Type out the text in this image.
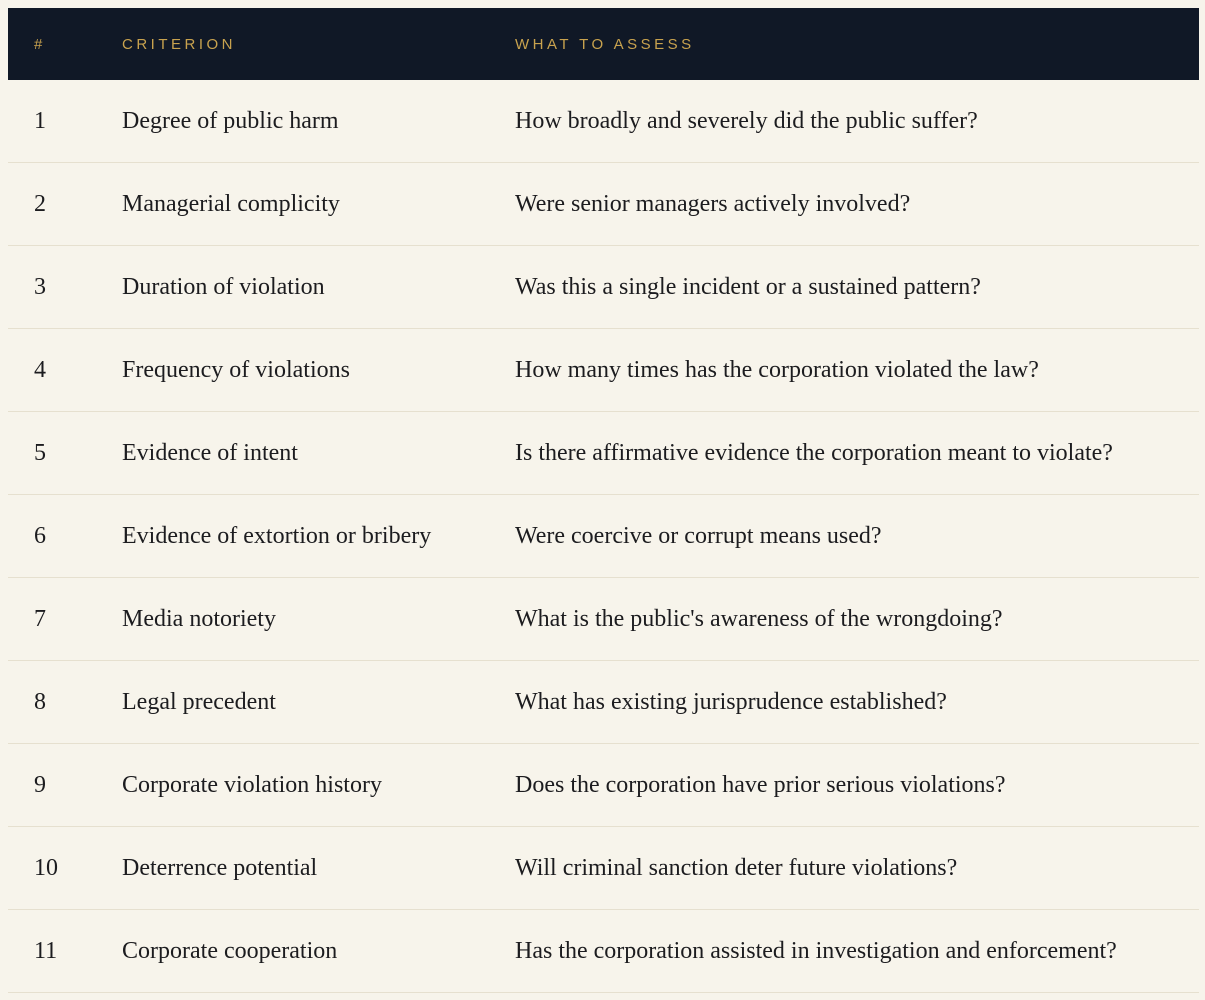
#	CRITERION	WHAT TO ASSESS
1	Degree of public harm	How broadly and severely did the public suffer?
2	Managerial complicity	Were senior managers actively involved?
3	Duration of violation	Was this a single incident or a sustained pattern?
4	Frequency of violations	How many times has the corporation violated the law?
5	Evidence of intent	Is there affirmative evidence the corporation meant to violate?
6	Evidence of extortion or bribery	Were coercive or corrupt means used?
7	Media notoriety	What is the public's awareness of the wrongdoing?
8	Legal precedent	What has existing jurisprudence established?
9	Corporate violation history	Does the corporation have prior serious violations?
10	Deterrence potential	Will criminal sanction deter future violations?
11	Corporate cooperation	Has the corporation assisted in investigation and enforcement?
